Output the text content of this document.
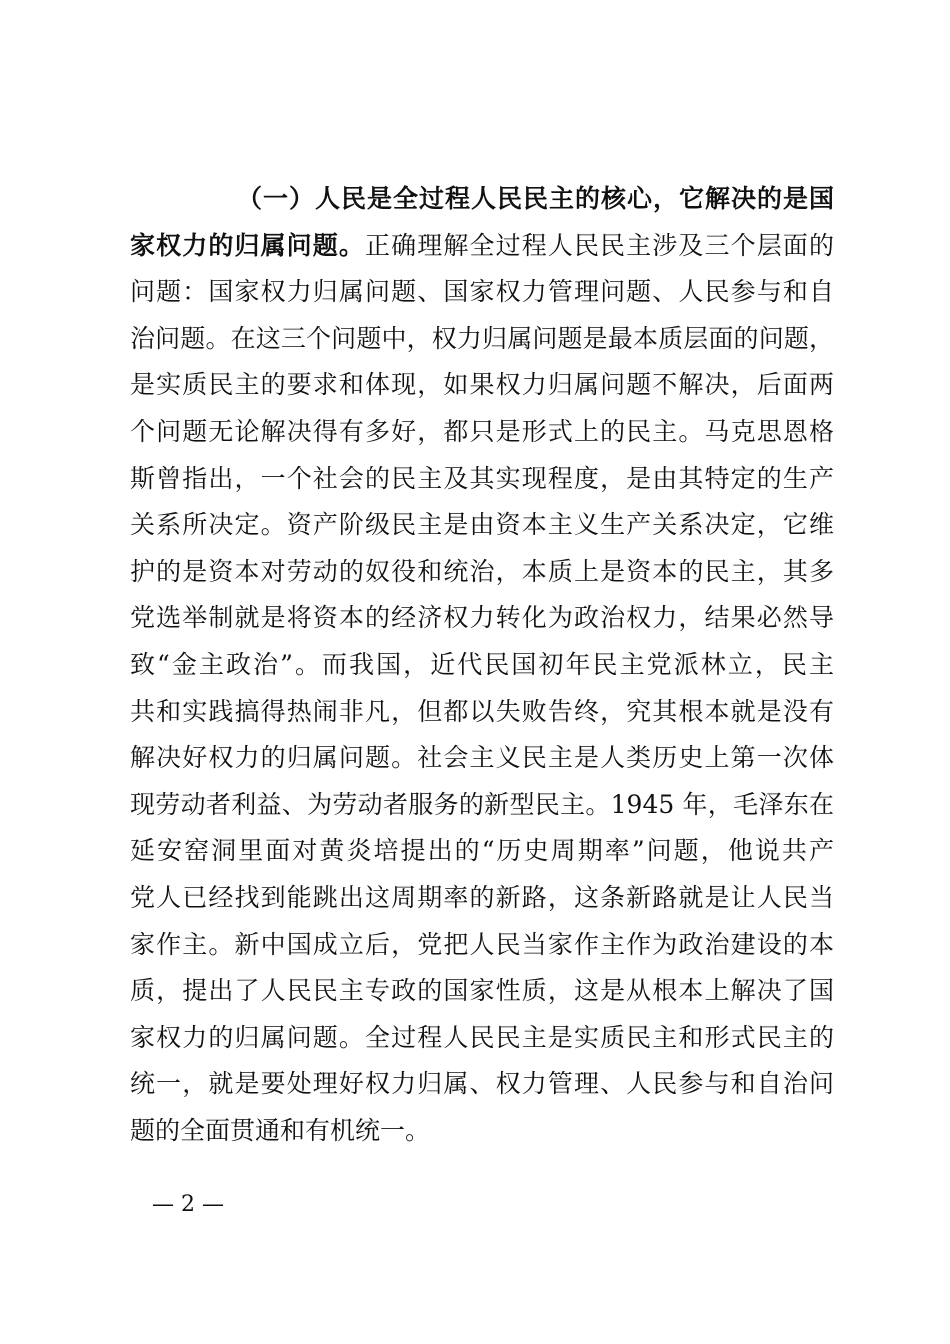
（一）人民是全过程人民民主的核心，它解决的是国
家权力的归属问题。正确理解全过程人民民主涉及三个层面的
问题：国家权力归属问题、国家权力管理问题、人民参与和自
治问题。在这三个问题中，权力归属问题是最本质层面的问题，
是实质民主的要求和体现，如果权力归属问题不解决，后面两
个问题无论解决得有多好，都只是形式上的民主。马克思恩格
斯曾指出，一个社会的民主及其实现程度，是由其特定的生产
关系所决定。资产阶级民主是由资本主义生产关系决定，它维
护的是资本对劳动的奴役和统治，本质上是资本的民主，其多
党选举制就是将资本的经济权力转化为政治权力，结果必然导
致“金主政治”。而我国，近代民国初年民主党派林立，民主
共和实践搞得热闹非凡，但都以失败告终，究其根本就是没有
解决好权力的归属问题。社会主义民主是人类历史上第一次体
现劳动者利益、为劳动者服务的新型民主。1945 年，毛泽东在
延安窑洞里面对黄炎培提出的“历史周期率”问题，他说共产
党人已经找到能跳出这周期率的新路，这条新路就是让人民当
家作主。新中国成立后，党把人民当家作主作为政治建设的本
质，提出了人民民主专政的国家性质，这是从根本上解决了国
家权力的归属问题。全过程人民民主是实质民主和形式民主的
统一，就是要处理好权力归属、权力管理、人民参与和自治问
题的全面贯通和有机统一。
— 2 —
